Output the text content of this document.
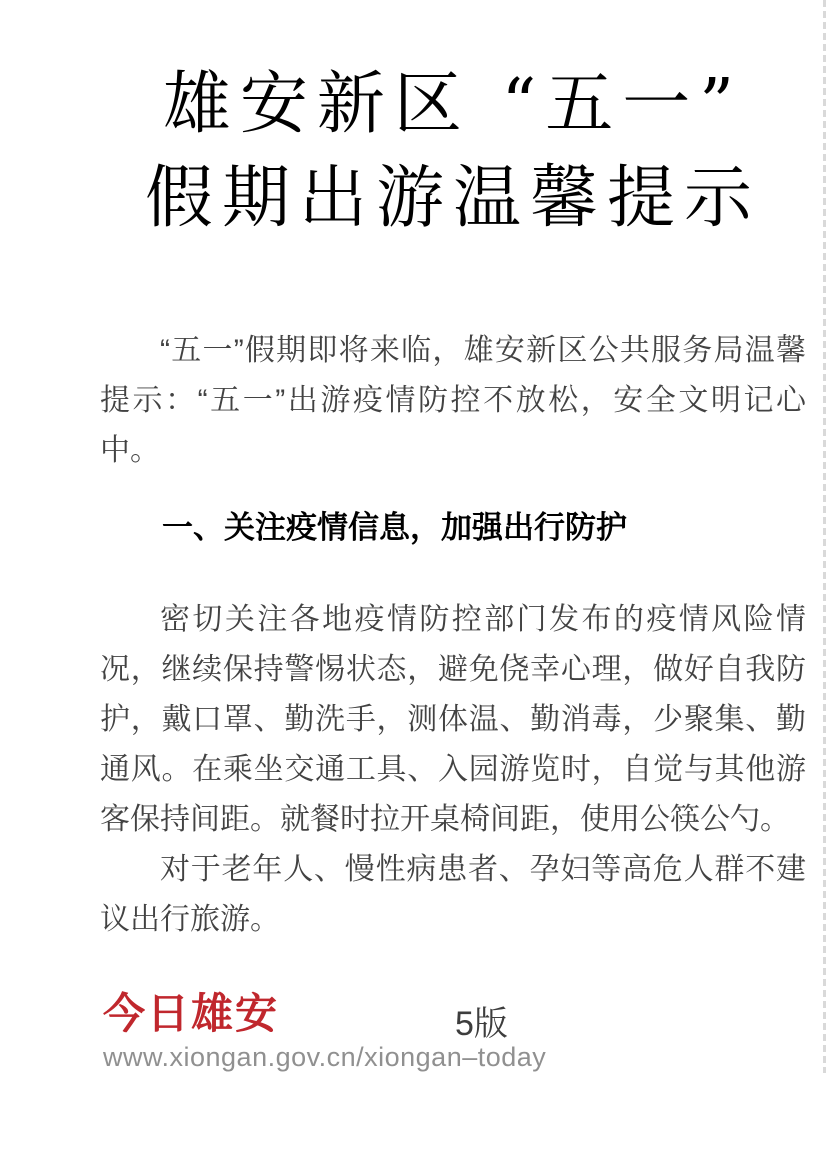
雄安新区 “五一”
假期出游温馨提示

“五一”假期即将来临，雄安新区公共服务局温馨提示：“五一”出游疫情防控不放松，安全文明记心中。

一、关注疫情信息，加强出行防护

密切关注各地疫情防控部门发布的疫情风险情况，继续保持警惕状态，避免侥幸心理，做好自我防护，戴口罩、勤洗手，测体温、勤消毒，少聚集、勤通风。在乘坐交通工具、入园游览时，自觉与其他游客保持间距。就餐时拉开桌椅间距，使用公筷公勺。

对于老年人、慢性病患者、孕妇等高危人群不建议出行旅游。

今日雄安	5版
www.xiongan.gov.cn/xiongan–today
